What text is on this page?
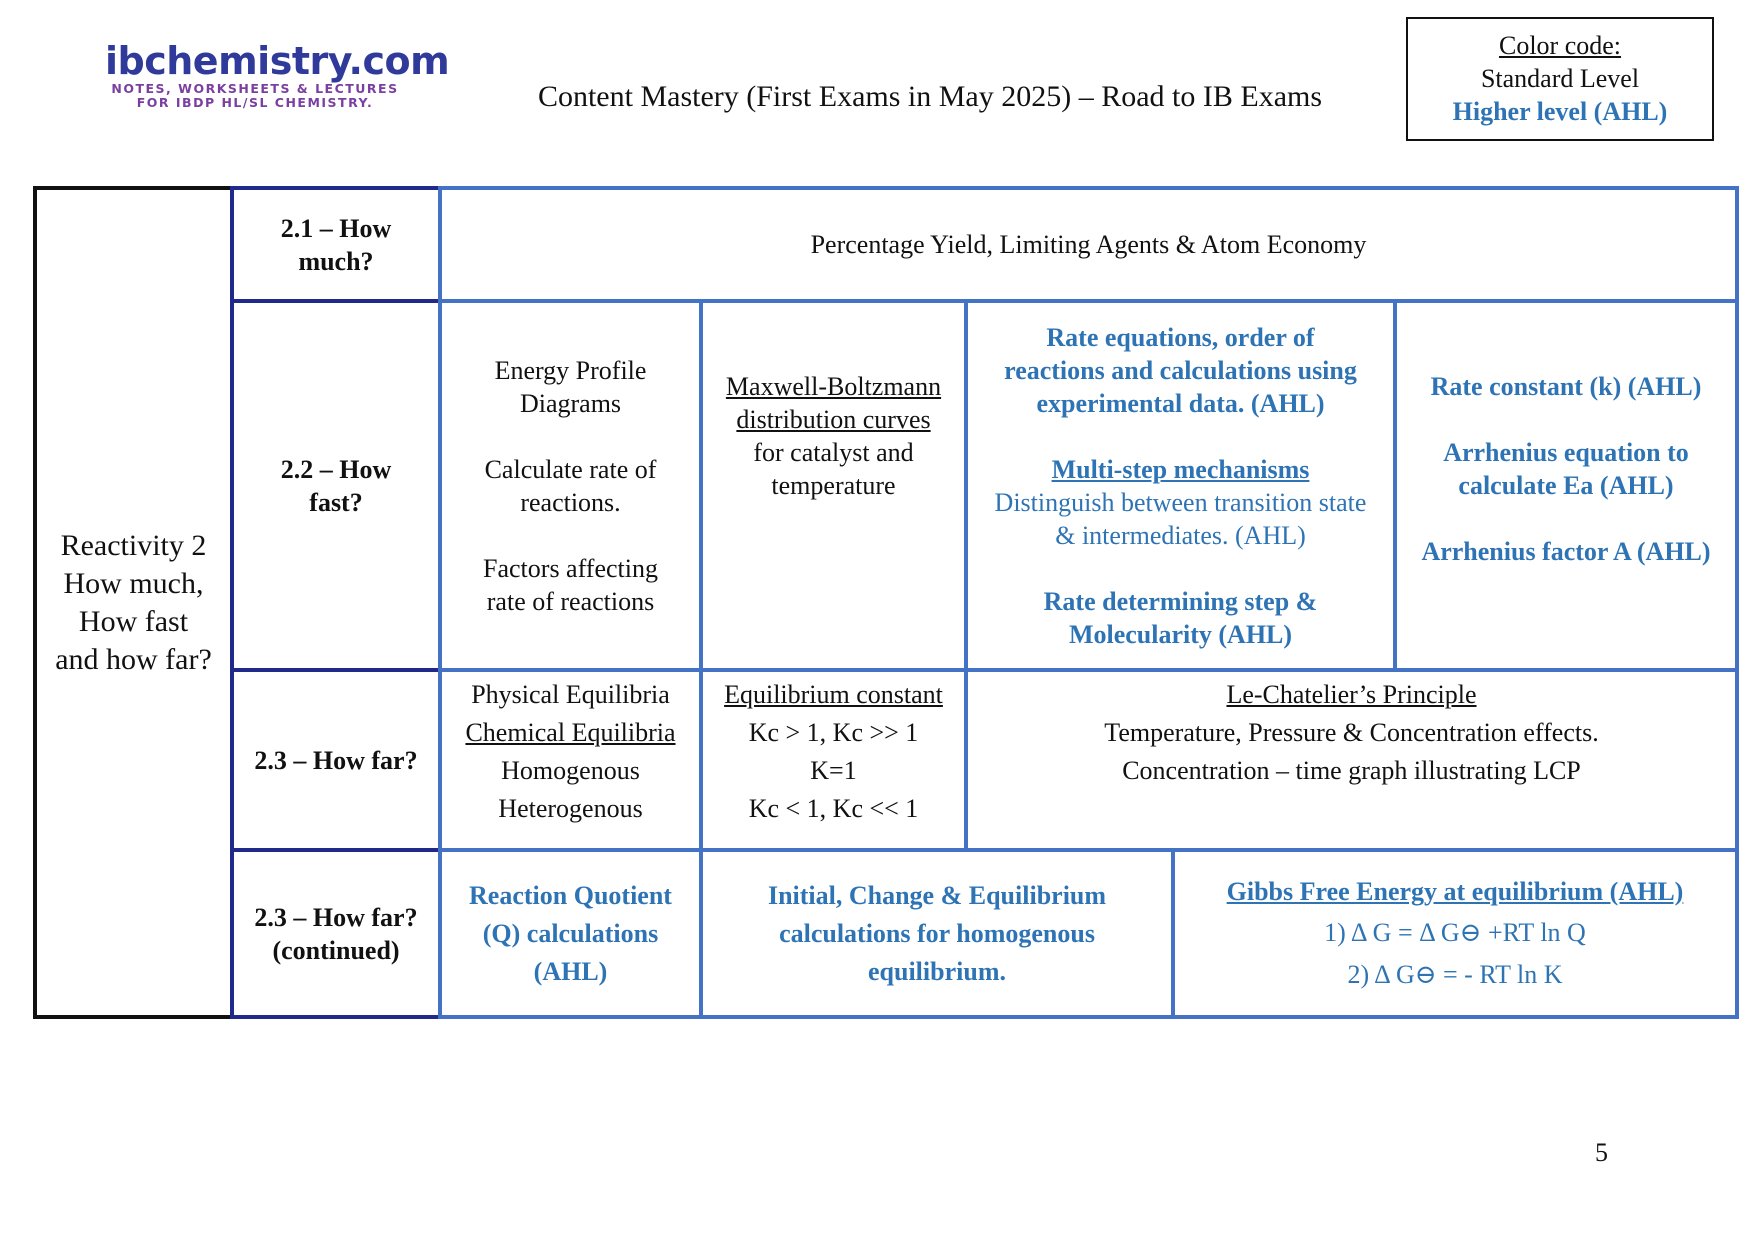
ibchemistry.com
NOTES, WORKSHEETS & LECTURES
FOR IBDP HL/SL CHEMISTRY.	Content Mastery (First Exams in May 2025) – Road to IB Exams
Color code:
Standard Level
Higher level (AHL)
Reactivity 2
How much,
How fast
and how far?
2.1 – How
much?
2.2 – How
fast?
2.3 – How far?
2.3 – How far?
(continued)
Percentage Yield, Limiting Agents & Atom Economy
Energy Profile
Diagrams
Calculate rate of
reactions.
Factors affecting
rate of reactions
Maxwell-Boltzmann
distribution curves
for catalyst and
temperature
Rate equations, order of
reactions and calculations using
experimental data. (AHL)
Multi-step mechanisms
Distinguish between transition state
& intermediates. (AHL)
Rate determining step &
Molecularity (AHL)
Rate constant (k) (AHL)
Arrhenius equation to
calculate Ea (AHL)
Arrhenius factor A (AHL)
Physical Equilibria
Chemical Equilibria
Homogenous
Heterogenous
Equilibrium constant
Kc > 1, Kc >> 1
K=1
Kc < 1, Kc << 1
Le-Chatelier’s Principle
Temperature, Pressure & Concentration effects.
Concentration – time graph illustrating LCP
Reaction Quotient
(Q) calculations
(AHL)
Initial, Change & Equilibrium
calculations for homogenous
equilibrium.
Gibbs Free Energy at equilibrium (AHL)
1) Δ G = Δ G⊖ +RT ln Q
2) Δ G⊖ = - RT ln K
5
